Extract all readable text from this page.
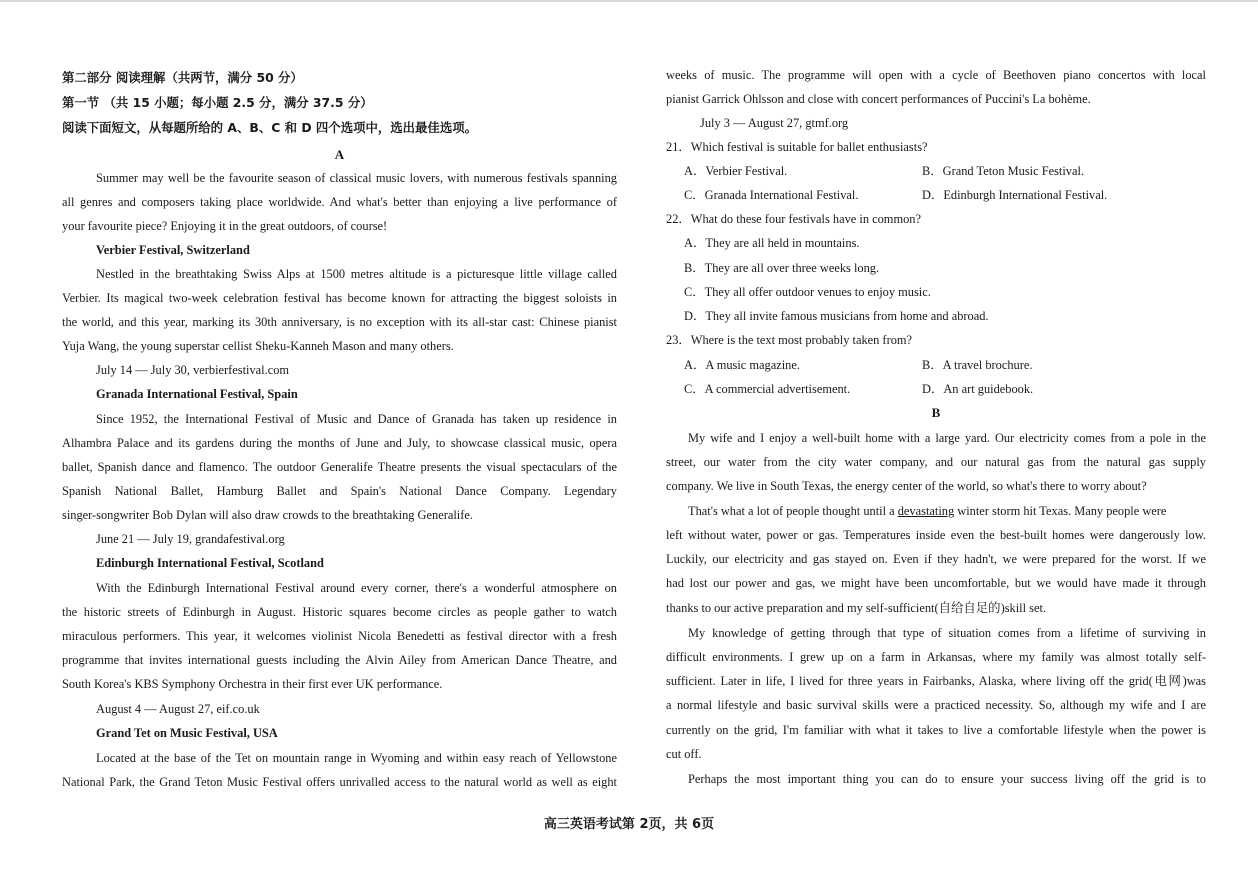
第二部分 阅读理解（共两节，满分 50 分）
第一节 （共 15 小题；每小题 2.5 分，满分 37.5 分）
阅读下面短文，从每题所给的 A、B、C 和 D 四个选项中，选出最佳选项。
A
Summer may well be the favourite season of classical music lovers, with numerous festivals spanning
all genres and composers taking place worldwide. And what's better than enjoying a live performance of
your favourite piece? Enjoying it in the great outdoors, of course!
Verbier Festival, Switzerland
Nestled in the breathtaking Swiss Alps at 1500 metres altitude is a picturesque little village called
Verbier. Its magical two-week celebration festival has become known for attracting the biggest soloists in
the world, and this year, marking its 30th anniversary, is no exception with its all-star cast: Chinese pianist
Yuja Wang, the young superstar cellist Sheku-Kanneh Mason and many others.
July 14 — July 30, verbierfestival.com
Granada International Festival, Spain
Since 1952, the International Festival of Music and Dance of Granada has taken up residence in
Alhambra Palace and its gardens during the months of June and July, to showcase classical music, opera
ballet, Spanish dance and flamenco. The outdoor Generalife Theatre presents the visual spectaculars of the
Spanish National Ballet, Hamburg Ballet and Spain's National Dance Company. Legendary
singer-songwriter Bob Dylan will also draw crowds to the breathtaking Generalife.
June 21 — July 19, grandafestival.org
Edinburgh International Festival, Scotland
With the Edinburgh International Festival around every corner, there's a wonderful atmosphere on
the historic streets of Edinburgh in August. Historic squares become circles as people gather to watch
miraculous performers. This year, it welcomes violinist Nicola Benedetti as festival director with a fresh
programme that invites international guests including the Alvin Ailey from American Dance Theatre, and
South Korea's KBS Symphony Orchestra in their first ever UK performance.
August 4 — August 27, eif.co.uk
Grand Tet on Music Festival, USA
Located at the base of the Tet on mountain range in Wyoming and within easy reach of Yellowstone
National Park, the Grand Teton Music Festival offers unrivalled access to the natural world as well as eight
weeks of music. The programme will open with a cycle of Beethoven piano concertos with local
pianist Garrick Ohlsson and close with concert performances of Puccini's La bohème.
July 3 — August 27, gtmf.org
21．Which festival is suitable for ballet enthusiasts?
A．Verbier Festival.	B．Grand Teton Music Festival.
C．Granada International Festival.	D．Edinburgh International Festival.
22．What do these four festivals have in common?
A．They are all held in mountains.
B．They are all over three weeks long.
C．They all offer outdoor venues to enjoy music.
D．They all invite famous musicians from home and abroad.
23．Where is the text most probably taken from?
A．A music magazine.	B．A travel brochure.
C．A commercial advertisement.	D．An art guidebook.
B
My wife and I enjoy a well-built home with a large yard. Our electricity comes from a pole in the
street, our water from the city water company, and our natural gas from the natural gas supply
company. We live in South Texas, the energy center of the world, so what's there to worry about?
That's what a lot of people thought until a devastating winter storm hit Texas. Many people were
left without water, power or gas. Temperatures inside even the best-built homes were dangerously low.
Luckily, our electricity and gas stayed on. Even if they hadn't, we were prepared for the worst. If we
had lost our power and gas, we might have been uncomfortable, but we would have made it through
thanks to our active preparation and my self-sufficient(自给自足的)skill set.
My knowledge of getting through that type of situation comes from a lifetime of surviving in
difficult environments. I grew up on a farm in Arkansas, where my family was almost totally self-
sufficient. Later in life, I lived for three years in Fairbanks, Alaska, where living off the grid(电网)was
a normal lifestyle and basic survival skills were a practiced necessity. So, although my wife and I are
currently on the grid, I'm familiar with what it takes to live a comfortable lifestyle when the power is
cut off.
Perhaps the most important thing you can do to ensure your success living off the grid is to
高三英语考试第 2页，共 6页
